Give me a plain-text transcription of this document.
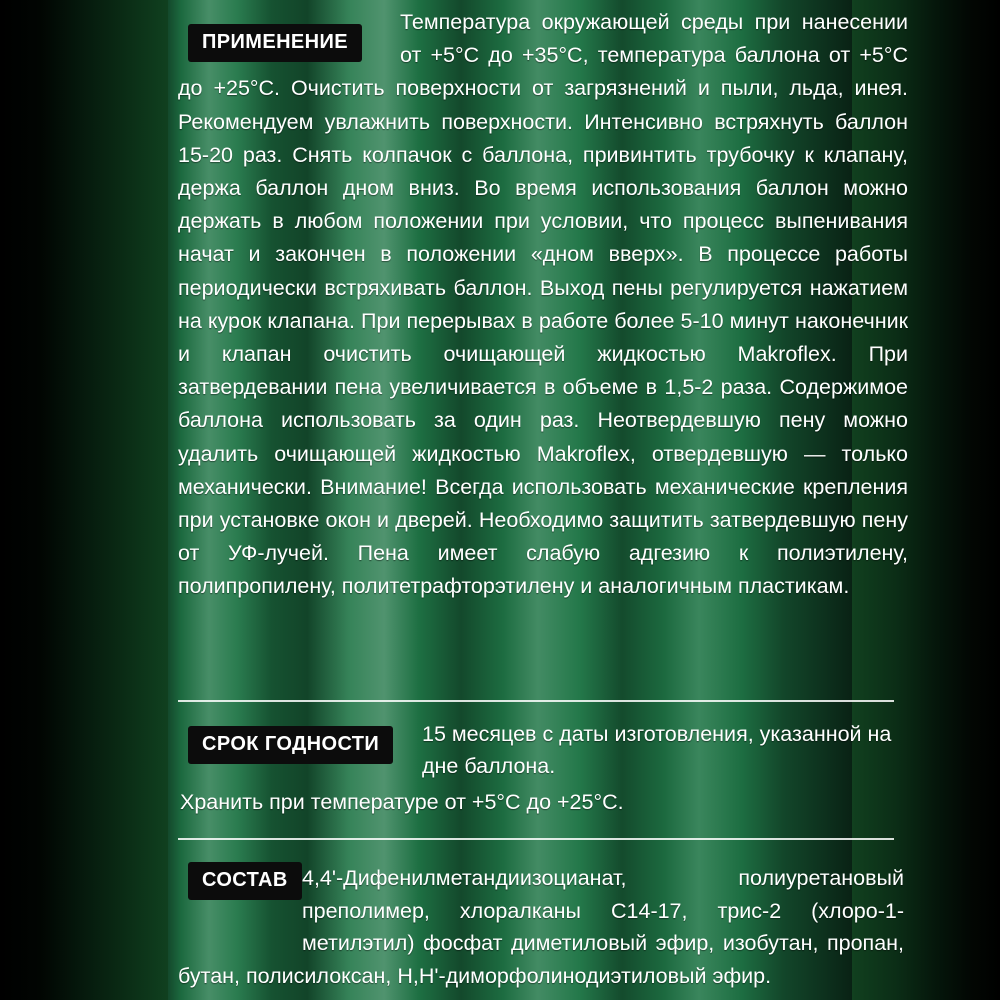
Температура окружающей среды при нанесении от +5°C до +35°C, температура баллона от +5°C до +25°C. Очистить поверхности от загрязнений и пыли, льда, инея. Рекомендуем увлажнить поверхности. Интенсивно встряхнуть баллон 15-20 раз. Снять колпачок с баллона, привинтить трубочку к клапану, держа баллон дном вниз. Во время использования баллон можно держать в любом положении при условии, что процесс выпенивания начат и закончен в положении «дном вверх». В процессе работы периодически встряхивать баллон. Выход пены регулируется нажатием на курок клапана. При перерывах в работе более 5-10 минут наконечник и клапан очистить очищающей жидкостью Makroflex. При затвердевании пена увеличивается в объеме в 1,5-2 раза. Содержимое баллона использовать за один раз. Неотвердевшую пену можно удалить очищающей жидкостью Makroflex, отвердевшую — только механически. Внимание! Всегда использовать механические крепления при установке окон и дверей. Необходимо защитить затвердевшую пену от УФ-лучей. Пена имеет слабую адгезию к полиэтилену, полипропилену, политетрафторэтилену и аналогичным пластикам.
ПРИМЕНЕНИЕ
СРОК ГОДНОСТИ	15 месяцев с даты изготовления, указанной на дне баллона.
Хранить при температуре от +5°C до +25°C.
4,4'-Дифенилметандиизоцианат, полиуретановый преполимер, хлоралканы С14-17, трис-2 (хлоро-1-метилэтил) фосфат диметиловый эфир, изобутан, пропан, бутан, полисилоксан, Н,Н'-диморфолинодиэтиловый эфир.
СОСТАВ
